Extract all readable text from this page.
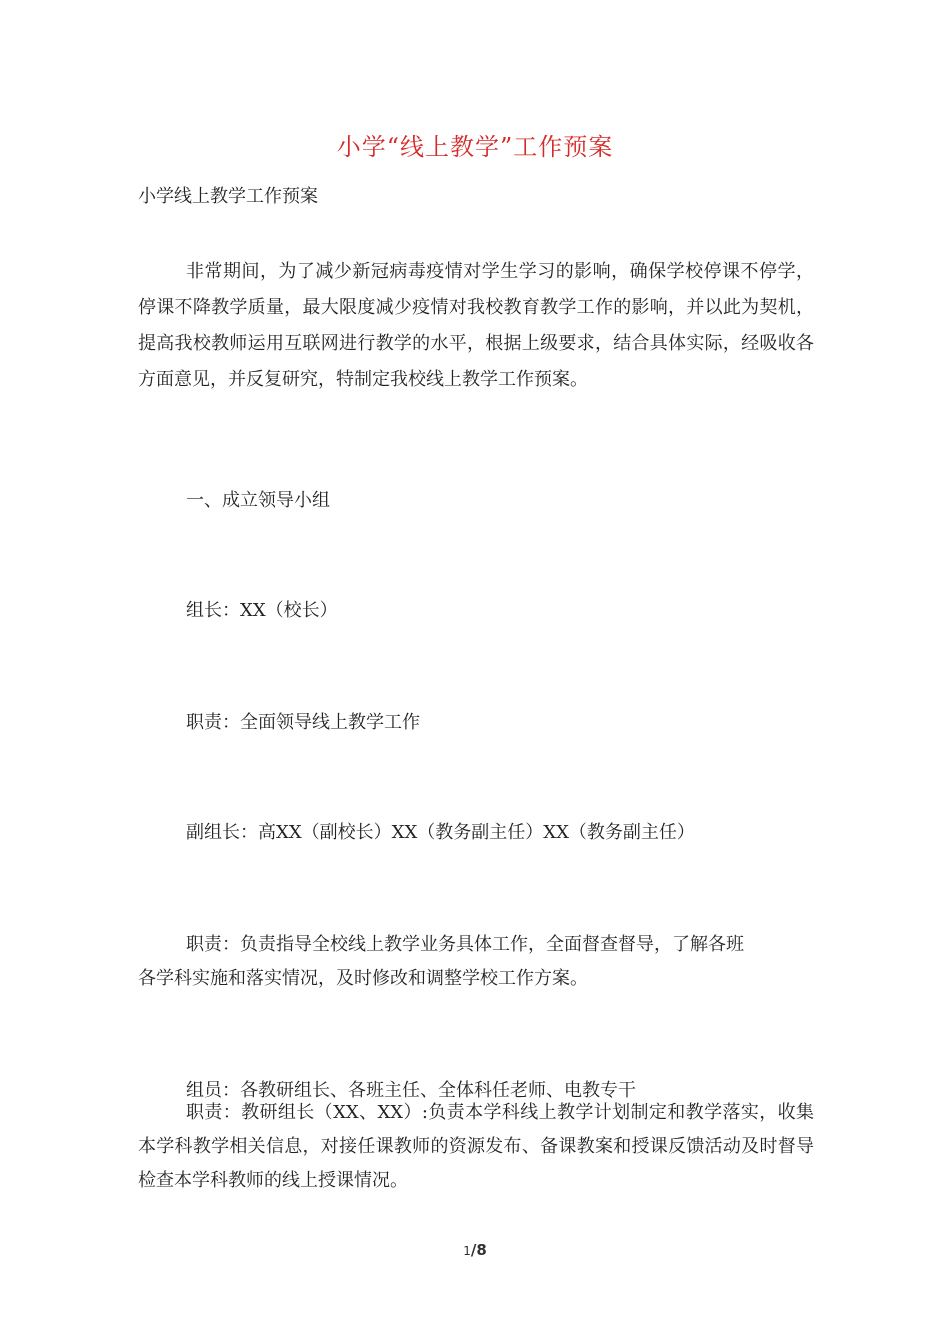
小学“线上教学”工作预案
小学线上教学工作预案

非常期间，为了减少新冠病毒疫情对学生学习的影响，确保学校停课不停学，停课不降教学质量，最大限度减少疫情对我校教育教学工作的影响，并以此为契机，提高我校教师运用互联网进行教学的水平，根据上级要求，结合具体实际，经吸收各方面意见，并反复研究，特制定我校线上教学工作预案。

一、成立领导小组

组长：XX（校长）

职责：全面领导线上教学工作

副组长：高XX（副校长）XX（教务副主任）XX（教务副主任）

职责：负责指导全校线上教学业务具体工作，全面督查督导，了解各班

各学科实施和落实情况，及时修改和调整学校工作方案。

组员：各教研组长、各班主任、全体科任老师、电教专干

职责：教研组长（XX、XX）:负责本学科线上教学计划制定和教学落实，收集本学科教学相关信息，对接任课教师的资源发布、备课教案和授课反馈活动及时督导检查本学科教师的线上授课情况。

1/8
